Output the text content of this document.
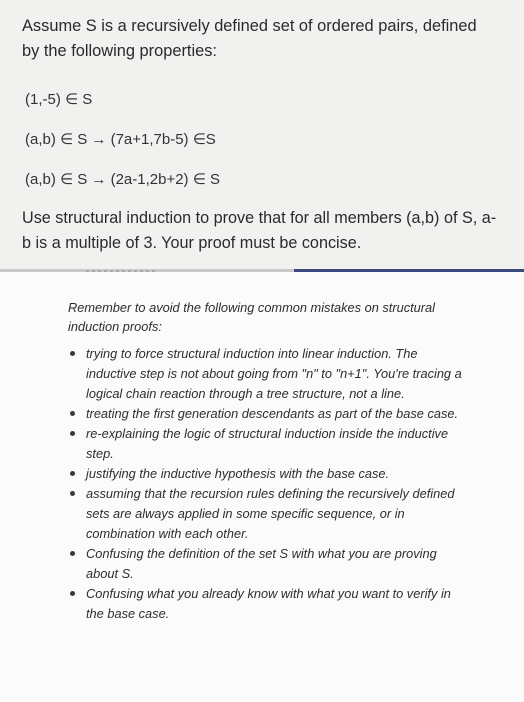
Assume S is a recursively defined set of ordered pairs, defined by the following properties:
(1,-5) ∈ S
(a,b) ∈ S → (7a+1,7b-5) ∈S
(a,b) ∈ S → (2a-1,2b+2) ∈ S
Use structural induction to prove that for all members (a,b) of S, a-b is a multiple of 3. Your proof must be concise.
Remember to avoid the following common mistakes on structural induction proofs:
trying to force structural induction into linear induction. The inductive step is not about going from "n" to "n+1". You're tracing a logical chain reaction through a tree structure, not a line.
treating the first generation descendants as part of the base case.
re-explaining the logic of structural induction inside the inductive step.
justifying the inductive hypothesis with the base case.
assuming that the recursion rules defining the recursively defined sets are always applied in some specific sequence, or in combination with each other.
Confusing the definition of the set S with what you are proving about S.
Confusing what you already know with what you want to verify in the base case.
